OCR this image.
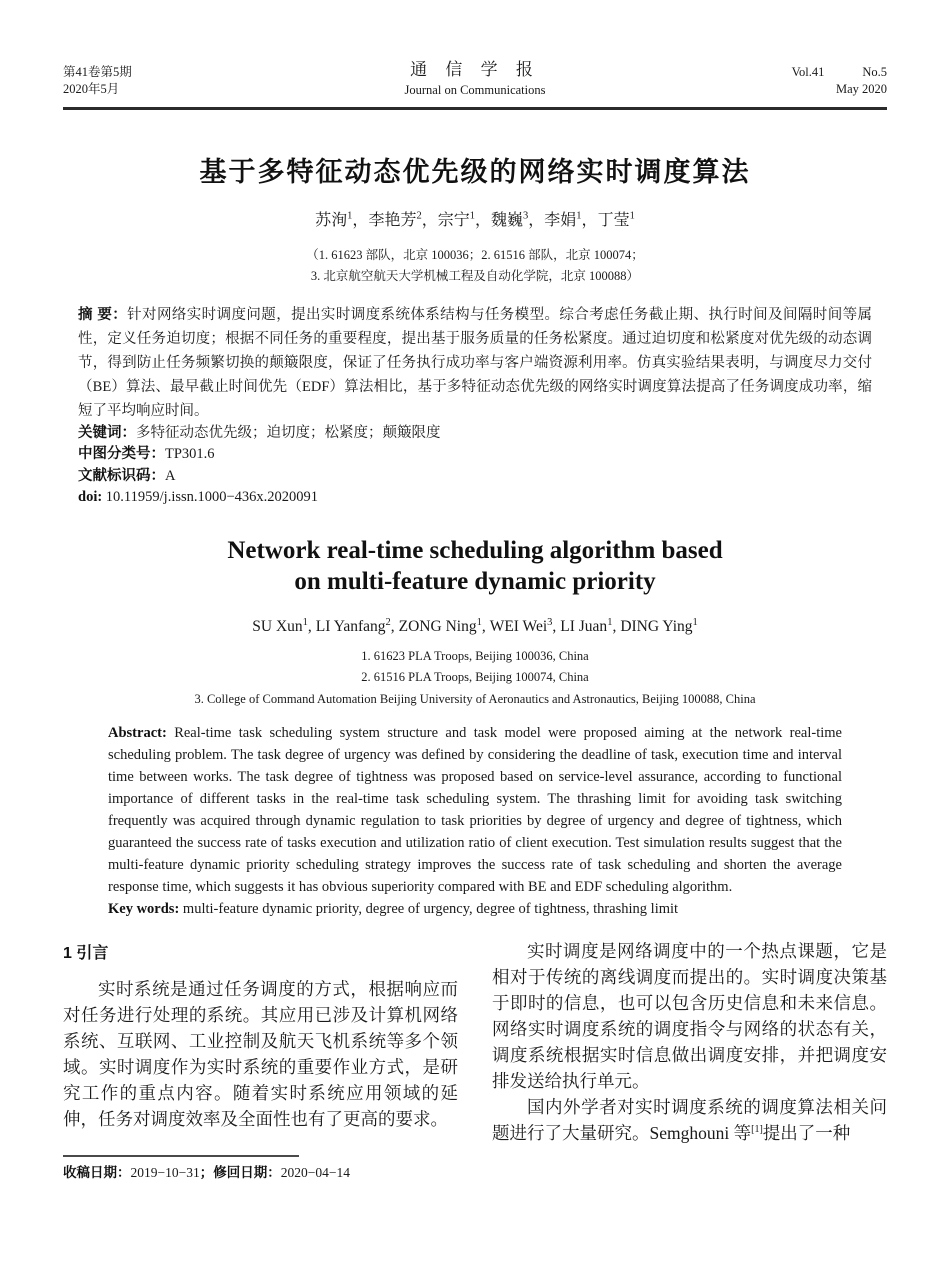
第41卷第5期
2020年5月
通 信 学 报
Journal on Communications
Vol.41	No.5
May 2020
基于多特征动态优先级的网络实时调度算法
苏洵$^1$，李艳芳$^2$，宗宁$^1$，魏巍$^3$，李娟$^1$，丁莹$^1$
（1. 61623 部队，北京 100036；2. 61516 部队，北京 100074；
3. 北京航空航天大学机械工程及自动化学院，北京 100088）

摘 要：针对网络实时调度问题，提出实时调度系统体系结构与任务模型。综合考虑任务截止期、执行时间及间隔时间等属性，定义任务迫切度；根据不同任务的重要程度，提出基于服务质量的任务松紧度。通过迫切度和松紧度对优先级的动态调节，得到防止任务频繁切换的颠簸限度，保证了任务执行成功率与客户端资源利用率。仿真实验结果表明，与调度尽力交付（BE）算法、最早截止时间优先（EDF）算法相比，基于多特征动态优先级的网络实时调度算法提高了任务调度成功率，缩短了平均响应时间。

关键词：多特征动态优先级；迫切度；松紧度；颠簸限度

中图分类号：TP301.6

文献标识码：A

doi: 10.11959/j.issn.1000−436x.2020091

Network real-time scheduling algorithm based
on multi-feature dynamic priority
SU Xun$^1$, LI Yanfang$^2$, ZONG Ning$^1$, WEI Wei$^3$, LI Juan$^1$, DING Ying$^1$
1. 61623 PLA Troops, Beijing 100036, China
2. 61516 PLA Troops, Beijing 100074, China
3. College of Command Automation Beijing University of Aeronautics and Astronautics, Beijing 100088, China

Abstract: Real-time task scheduling system structure and task model were proposed aiming at the network real-time scheduling problem. The task degree of urgency was defined by considering the deadline of task, execution time and interval time between works. The task degree of tightness was proposed based on service-level assurance, according to functional importance of different tasks in the real-time task scheduling system. The thrashing limit for avoiding task switching frequently was acquired through dynamic regulation to task priorities by degree of urgency and degree of tightness, which guaranteed the success rate of tasks execution and utilization ratio of client execution. Test simulation results suggest that the multi-feature dynamic priority scheduling strategy improves the success rate of task scheduling and shorten the average response time, which suggests it has obvious superiority compared with BE and EDF scheduling algorithm.

Key words: multi-feature dynamic priority, degree of urgency, degree of tightness, thrashing limit

1 引言

实时系统是通过任务调度的方式，根据响应而对任务进行处理的系统。其应用已涉及计算机网络系统、互联网、工业控制及航天飞机系统等多个领域。实时调度作为实时系统的重要作业方式，是研究工作的重点内容。随着实时系统应用领域的延伸，任务对调度效率及全面性也有了更高的要求。

实时调度是网络调度中的一个热点课题，它是相对于传统的离线调度而提出的。实时调度决策基于即时的信息，也可以包含历史信息和未来信息。网络实时调度系统的调度指令与网络的状态有关，调度系统根据实时信息做出调度安排，并把调度安排发送给执行单元。

国内外学者对实时调度系统的调度算法相关问题进行了大量研究。Semghouni 等[1]提出了一种

收稿日期：2019−10−31；修回日期：2020−04−14
